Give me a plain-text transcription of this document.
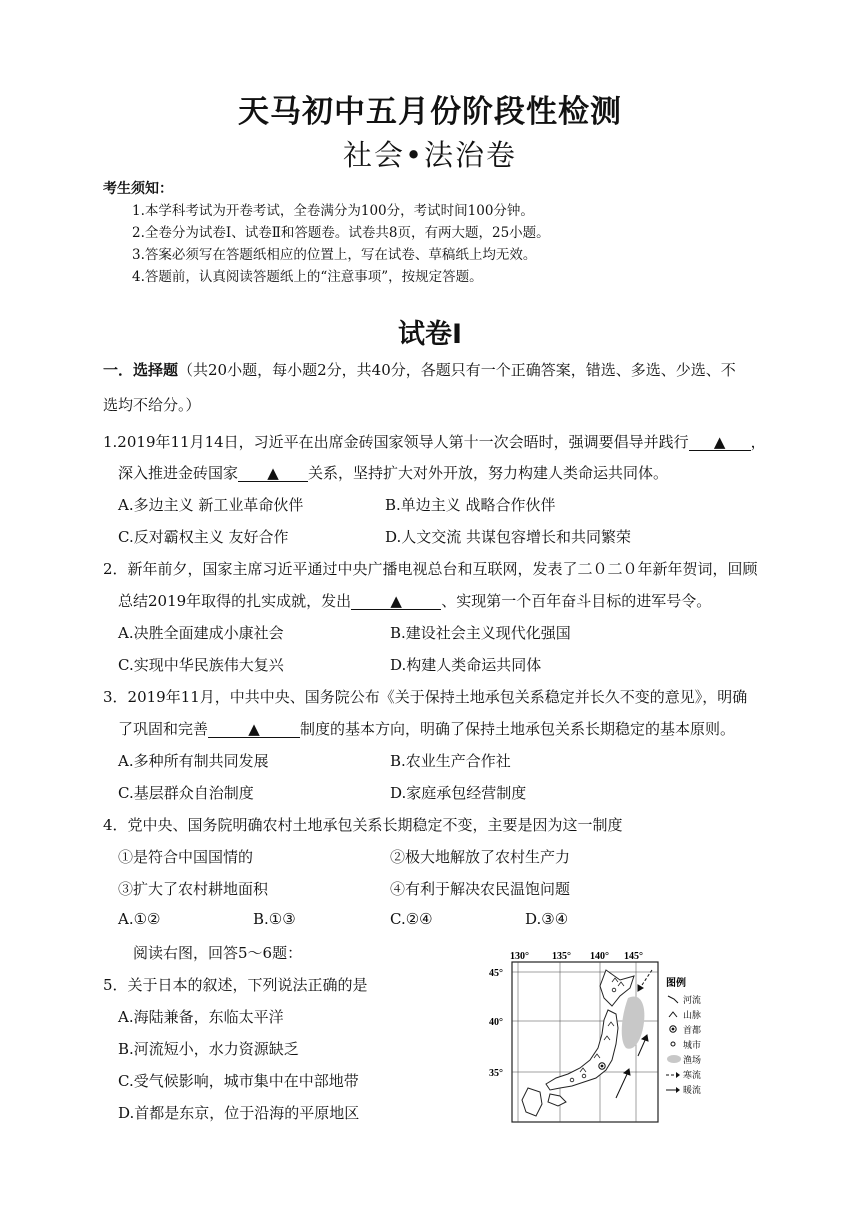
天马初中五月份阶段性检测
社会•法治卷
考生须知：
1.本学科考试为开卷考试，全卷满分为100分，考试时间100分钟。
2.全卷分为试卷Ⅰ、试卷Ⅱ和答题卷。试卷共8页，有两大题，25小题。
3.答案必须写在答题纸相应的位置上，写在试卷、草稿纸上均无效。
4.答题前，认真阅读答题纸上的“注意事项”，按规定答题。
试卷Ⅰ
一．选择题（共20小题，每小题2分，共40分，各题只有一个正确答案，错选、多选、少选、不
选均不给分。）
1.2019年11月14日，习近平在出席金砖国家领导人第十一次会晤时，强调要倡导并践行 ▲ ，
深入推进金砖国家 ▲ 关系，坚持扩大对外开放，努力构建人类命运共同体。
A.多边主义 新工业革命伙伴	B.单边主义 战略合作伙伴
C.反对霸权主义 友好合作	D.人文交流 共谋包容增长和共同繁荣
2．新年前夕，国家主席习近平通过中央广播电视总台和互联网，发表了二０二０年新年贺词，回顾
总结2019年取得的扎实成就，发出	▲	、实现第一个百年奋斗目标的进军号令。
A.决胜全面建成小康社会	B.建设社会主义现代化强国
C.实现中华民族伟大复兴	D.构建人类命运共同体
3．2019年11月，中共中央、国务院公布《关于保持土地承包关系稳定并长久不变的意见》，明确
了巩固和完善	▲	制度的基本方向，明确了保持土地承包关系长期稳定的基本原则。
A.多种所有制共同发展	B.农业生产合作社
C.基层群众自治制度	D.家庭承包经营制度
4．党中央、国务院明确农村土地承包关系长期稳定不变，主要是因为这一制度
①是符合中国国情的	②极大地解放了农村生产力
③扩大了农村耕地面积	④有利于解决农民温饱问题
A.①②	B.①③	C.②④	D.③④
阅读右图，回答5～6题：
5．关于日本的叙述，下列说法正确的是
A.海陆兼备，东临太平洋
B.河流短小，水力资源缺乏
C.受气候影响，城市集中在中部地带
D.首都是东京，位于沿海的平原地区
130° 135° 140° 145°
45°
40°
35°
图例
河流
山脉
首都
城市
渔场
寒流
暖流
